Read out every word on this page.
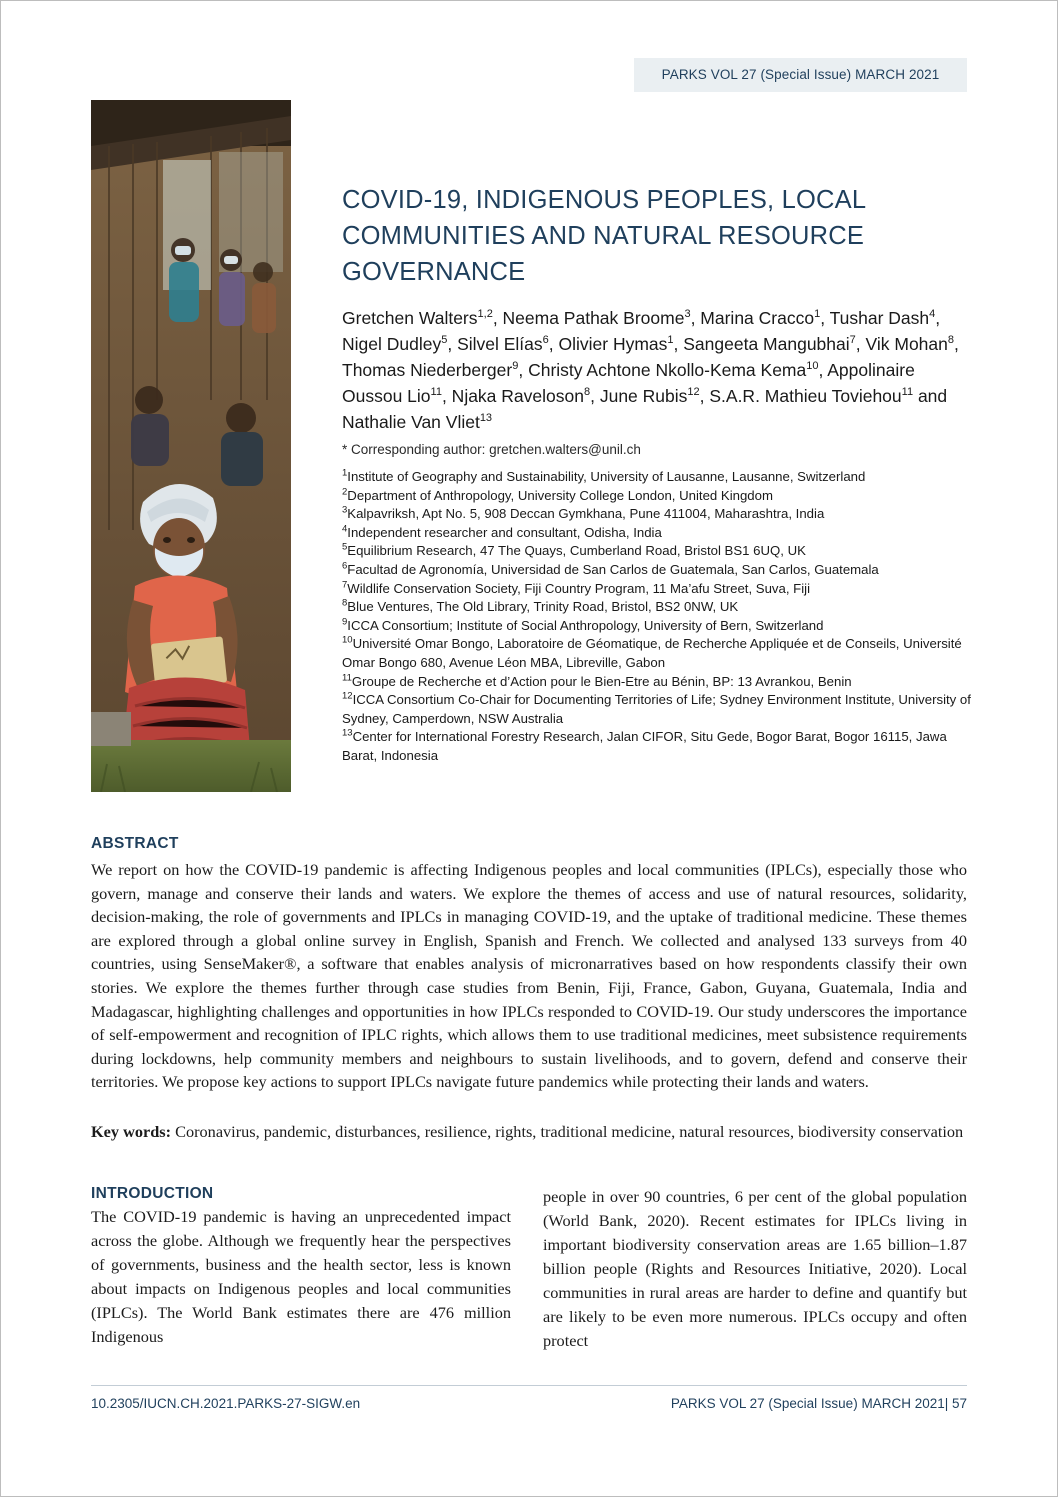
PARKS VOL 27 (Special Issue) MARCH 2021
COVID-19, INDIGENOUS PEOPLES, LOCAL COMMUNITIES AND NATURAL RESOURCE GOVERNANCE
Gretchen Walters$^{1,2}$, Neema Pathak Broome$^3$, Marina Cracco$^1$, Tushar Dash$^4$, Nigel Dudley$^5$, Silvel Elías$^6$, Olivier Hymas$^1$, Sangeeta Mangubhai$^7$, Vik Mohan$^8$, Thomas Niederberger$^9$, Christy Achtone Nkollo-Kema Kema$^{10}$, Appolinaire Oussou Lio$^{11}$, Njaka Raveloson$^8$, June Rubis$^{12}$, S.A.R. Mathieu Toviehou$^{11}$ and Nathalie Van Vliet$^{13}$
* Corresponding author: gretchen.walters@unil.ch
$^1$Institute of Geography and Sustainability, University of Lausanne, Lausanne, Switzerland
$^2$Department of Anthropology, University College London, United Kingdom
$^3$Kalpavriksh, Apt No. 5, 908 Deccan Gymkhana, Pune 411004, Maharashtra, India
$^4$Independent researcher and consultant, Odisha, India
$^5$Equilibrium Research, 47 The Quays, Cumberland Road, Bristol BS1 6UQ, UK
$^6$Facultad de Agronomía, Universidad de San Carlos de Guatemala, San Carlos, Guatemala
$^7$Wildlife Conservation Society, Fiji Country Program, 11 Ma’afu Street, Suva, Fiji
$^8$Blue Ventures, The Old Library, Trinity Road, Bristol, BS2 0NW, UK
$^9$ICCA Consortium; Institute of Social Anthropology, University of Bern, Switzerland
$^{10}$Université Omar Bongo, Laboratoire de Géomatique, de Recherche Appliquée et de Conseils, Université Omar Bongo 680, Avenue Léon MBA, Libreville, Gabon
$^{11}$Groupe de Recherche et d’Action pour le Bien-Etre au Bénin, BP: 13 Avrankou, Benin
$^{12}$ICCA Consortium Co-Chair for Documenting Territories of Life; Sydney Environment Institute, University of Sydney, Camperdown, NSW Australia
$^{13}$Center for International Forestry Research, Jalan CIFOR, Situ Gede, Bogor Barat, Bogor 16115, Jawa Barat, Indonesia
ABSTRACT
We report on how the COVID-19 pandemic is affecting Indigenous peoples and local communities (IPLCs), especially those who govern, manage and conserve their lands and waters. We explore the themes of access and use of natural resources, solidarity, decision-making, the role of governments and IPLCs in managing COVID-19, and the uptake of traditional medicine. These themes are explored through a global online survey in English, Spanish and French. We collected and analysed 133 surveys from 40 countries, using SenseMaker®, a software that enables analysis of micronarratives based on how respondents classify their own stories. We explore the themes further through case studies from Benin, Fiji, France, Gabon, Guyana, Guatemala, India and Madagascar, highlighting challenges and opportunities in how IPLCs responded to COVID-19. Our study underscores the importance of self-empowerment and recognition of IPLC rights, which allows them to use traditional medicines, meet subsistence requirements during lockdowns, help community members and neighbours to sustain livelihoods, and to govern, defend and conserve their territories. We propose key actions to support IPLCs navigate future pandemics while protecting their lands and waters.
Key words: Coronavirus, pandemic, disturbances, resilience, rights, traditional medicine, natural resources, biodiversity conservation
INTRODUCTION
The COVID-19 pandemic is having an unprecedented impact across the globe. Although we frequently hear the perspectives of governments, business and the health sector, less is known about impacts on Indigenous peoples and local communities (IPLCs). The World Bank estimates there are 476 million Indigenous
people in over 90 countries, 6 per cent of the global population (World Bank, 2020). Recent estimates for IPLCs living in important biodiversity conservation areas are 1.65 billion–1.87 billion people (Rights and Resources Initiative, 2020). Local communities in rural areas are harder to define and quantify but are likely to be even more numerous. IPLCs occupy and often protect
10.2305/IUCN.CH.2021.PARKS-27-SIGW.en	PARKS VOL 27 (Special Issue) MARCH 2021| 57
